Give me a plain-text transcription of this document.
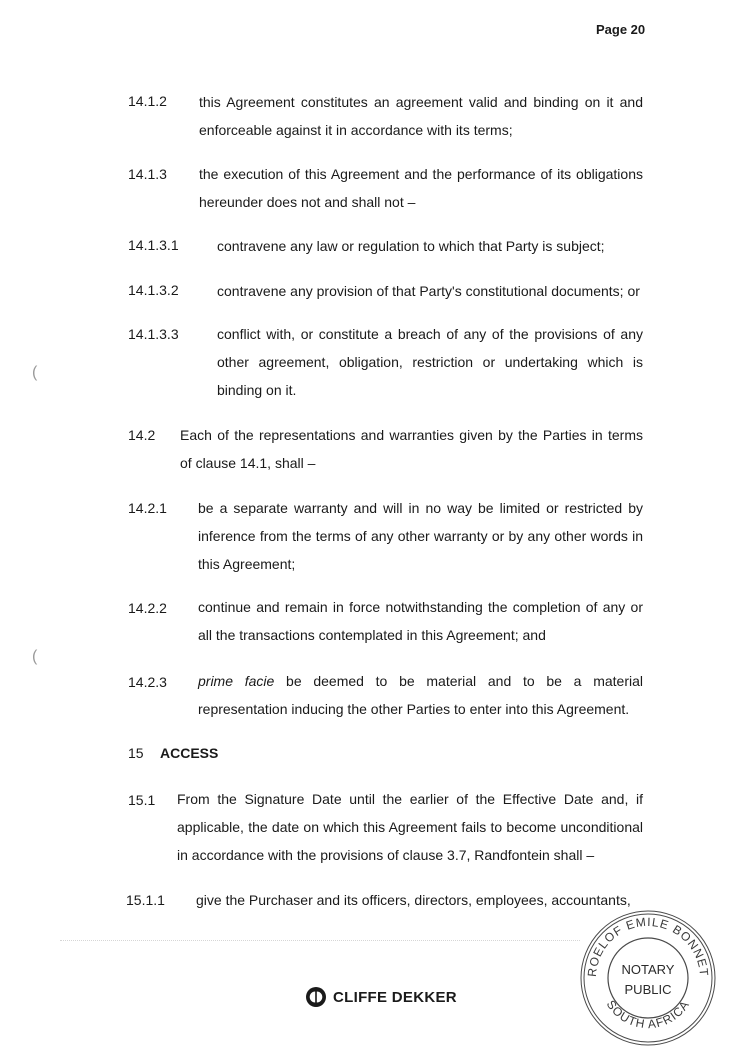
Page 20
14.1.2 this Agreement constitutes an agreement valid and binding on it and enforceable against it in accordance with its terms;
14.1.3 the execution of this Agreement and the performance of its obligations hereunder does not and shall not –
14.1.3.1	contravene any law or regulation to which that Party is subject;
14.1.3.2	contravene any provision of that Party's constitutional documents; or
14.1.3.3	conflict with, or constitute a breach of any of the provisions of any other agreement, obligation, restriction or undertaking which is binding on it.
14.2 Each of the representations and warranties given by the Parties in terms of clause 14.1, shall –
14.2.1 be a separate warranty and will in no way be limited or restricted by inference from the terms of any other warranty or by any other words in this Agreement;
14.2.2 continue and remain in force notwithstanding the completion of any or all the transactions contemplated in this Agreement; and
14.2.3 prime facie be deemed to be material and to be a material representation inducing the other Parties to enter into this Agreement.
15 ACCESS
15.1 From the Signature Date until the earlier of the Effective Date and, if applicable, the date on which this Agreement fails to become unconditional in accordance with the provisions of clause 3.7, Randfontein shall –
15.1.1 give the Purchaser and its officers, directors, employees, accountants,
(
(
CLIFFE DEKKER
ROELOF EMILE BONNET
SOUTH AFRICA
NOTARY
PUBLIC
